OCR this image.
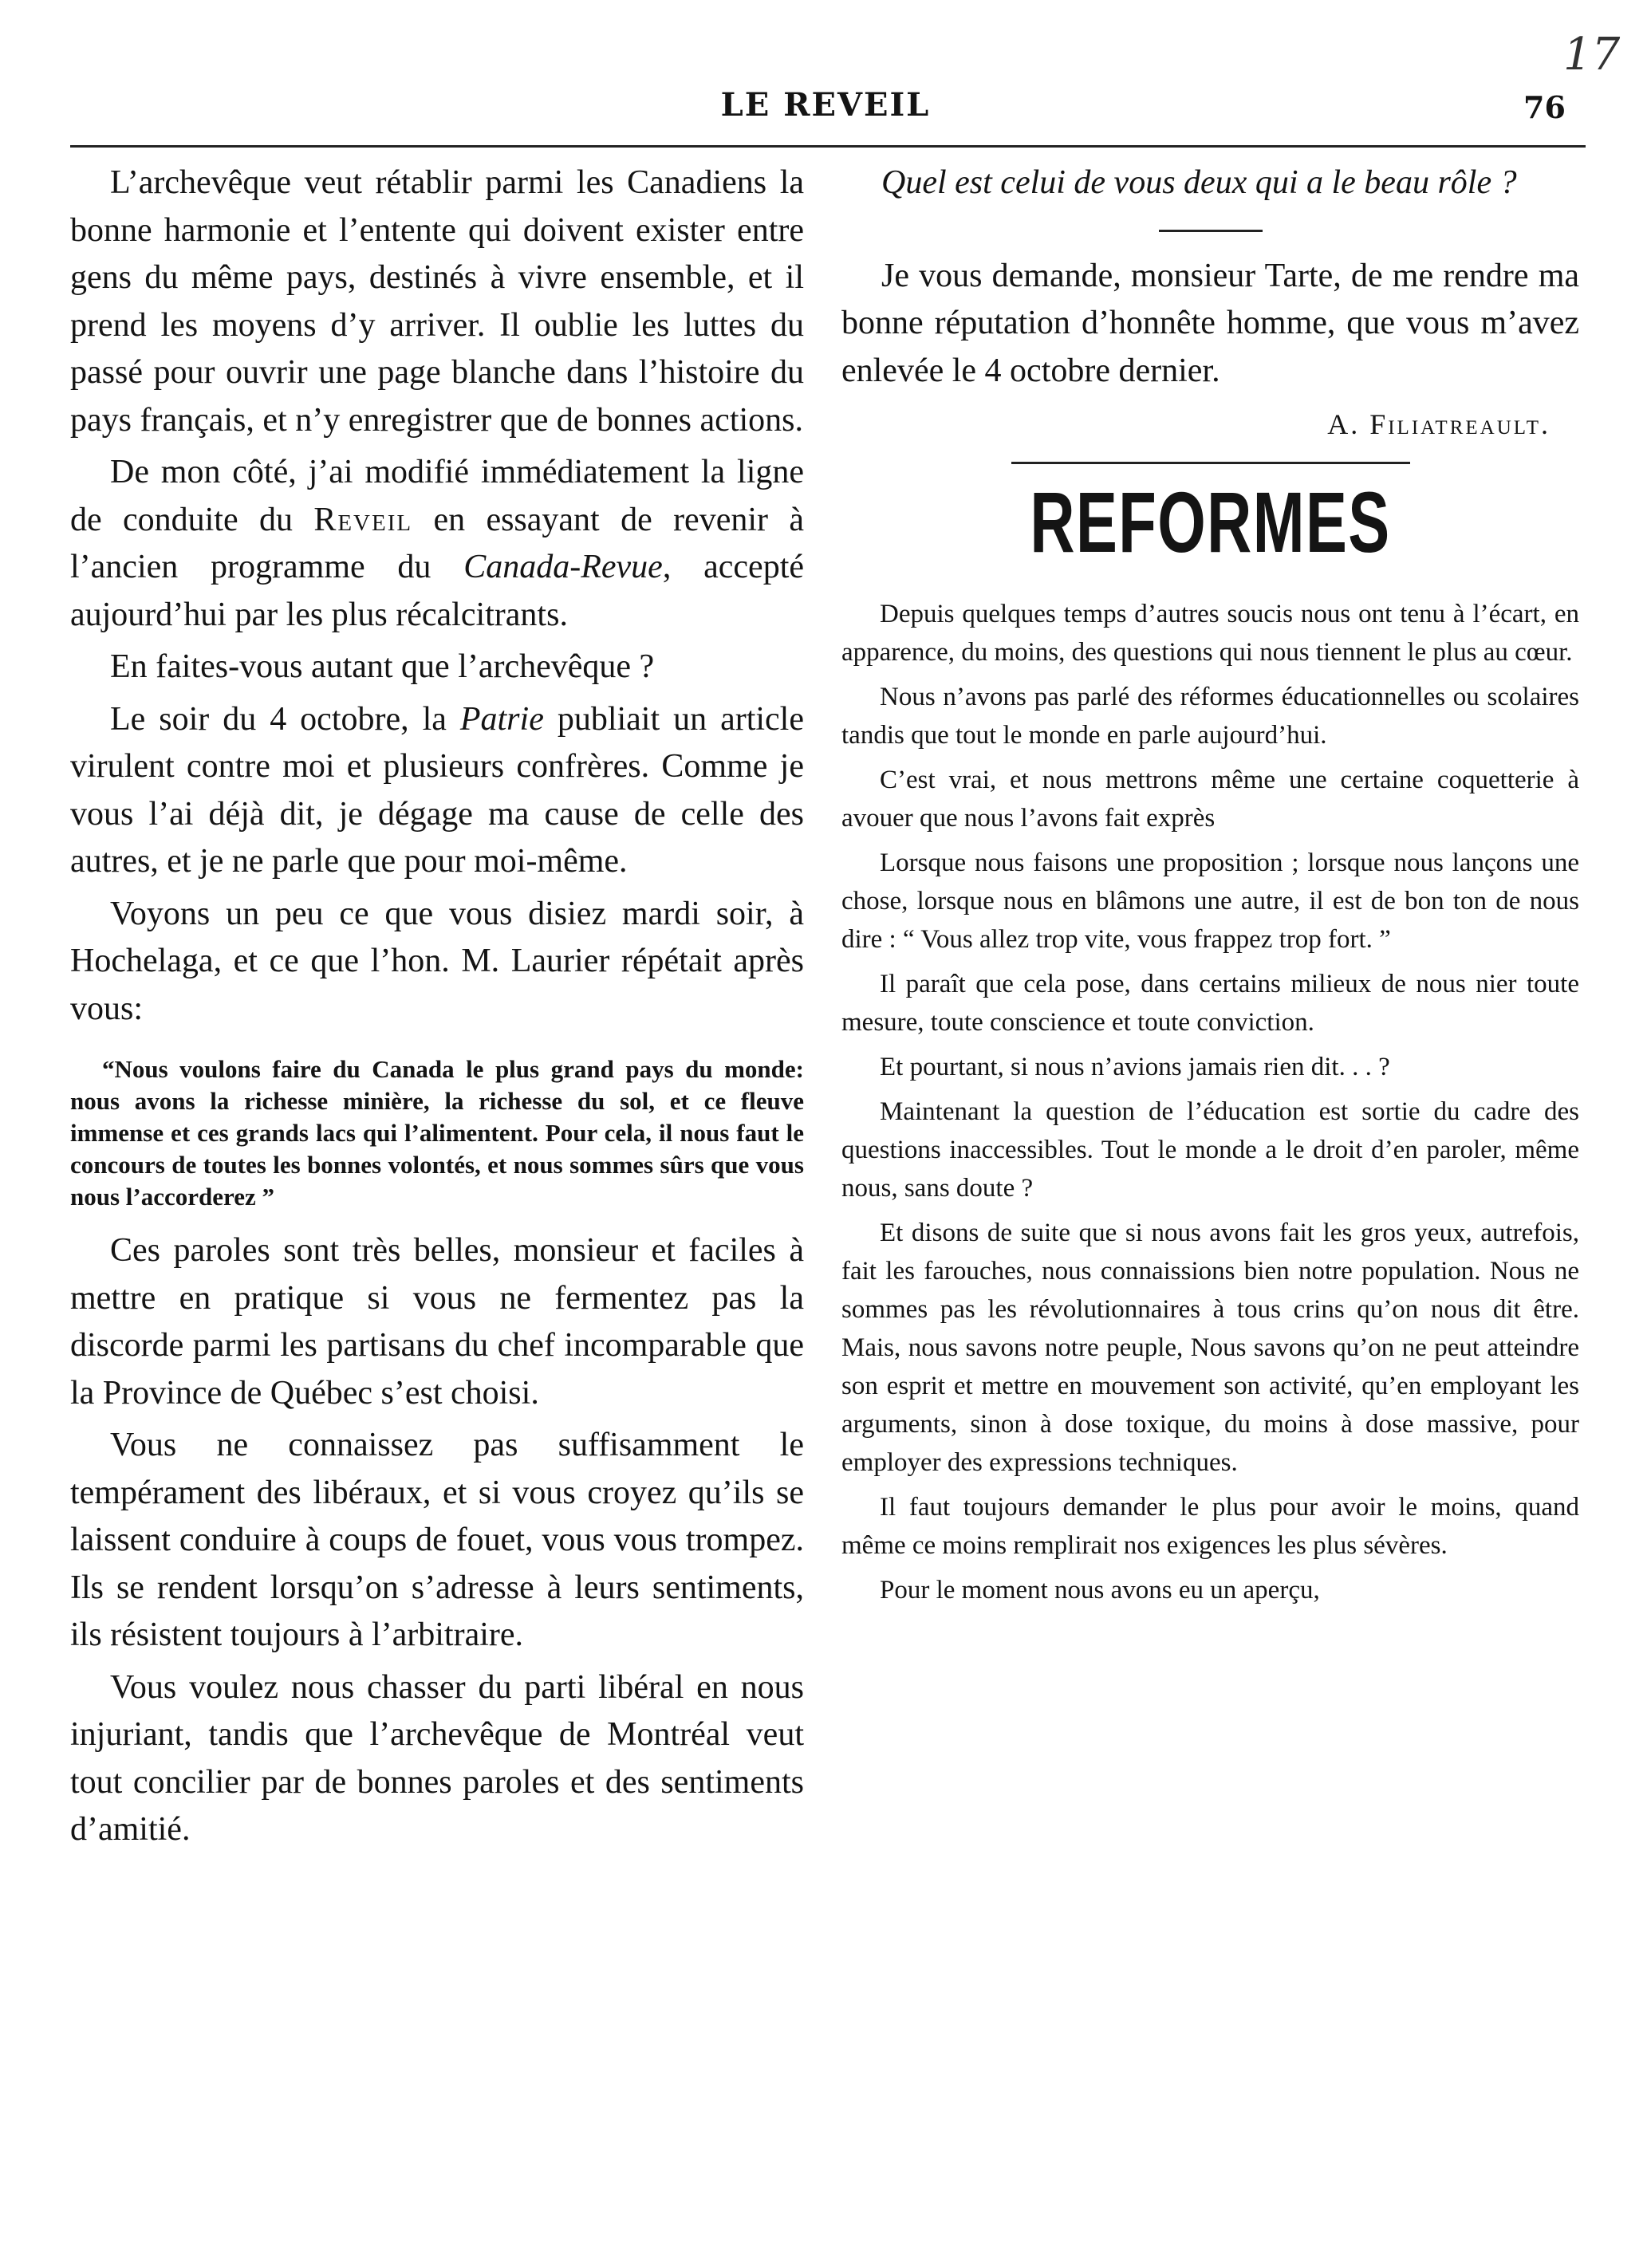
LE REVEIL	76
17

L’archevêque veut rétablir parmi les Canadiens la bonne harmonie et l’entente qui doivent exister entre gens du même pays, destinés à vivre ensemble, et il prend les moyens d’y arriver. Il oublie les luttes du passé pour ouvrir une page blanche dans l’histoire du pays français, et n’y enregistrer que de bonnes actions.

De mon côté, j’ai modifié immédiatement la ligne de conduite du Reveil en essayant de revenir à l’ancien programme du Canada-Revue, accepté aujourd’hui par les plus récalcitrants.

En faites-vous autant que l’archevêque ?

Le soir du 4 octobre, la Patrie publiait un article virulent contre moi et plusieurs confrères. Comme je vous l’ai déjà dit, je dégage ma cause de celle des autres, et je ne parle que pour moi-même.

Voyons un peu ce que vous disiez mardi soir, à Hochelaga, et ce que l’hon. M. Laurier répétait après vous:

“Nous voulons faire du Canada le plus grand pays du monde: nous avons la richesse minière, la richesse du sol, et ce fleuve immense et ces grands lacs qui l’alimentent. Pour cela, il nous faut le concours de toutes les bonnes volontés, et nous sommes sûrs que vous nous l’accorderez ”

Ces paroles sont très belles, monsieur et faciles à mettre en pratique si vous ne fermentez pas la discorde parmi les partisans du chef incomparable que la Province de Québec s’est choisi.

Vous ne connaissez pas suffisamment le tempérament des libéraux, et si vous croyez qu’ils se laissent conduire à coups de fouet, vous vous trompez. Ils se rendent lorsqu’on s’adresse à leurs sentiments, ils résistent toujours à l’arbitraire.

Vous voulez nous chasser du parti libéral en nous injuriant, tandis que l’archevêque de Montréal veut tout concilier par de bonnes paroles et des sentiments d’amitié.

Quel est celui de vous deux qui a le beau rôle ?

Je vous demande, monsieur Tarte, de me rendre ma bonne réputation d’honnête homme, que vous m’avez enlevée le 4 octobre dernier.

A. Filiatreault.
REFORMES

Depuis quelques temps d’autres soucis nous ont tenu à l’écart, en apparence, du moins, des questions qui nous tiennent le plus au cœur.

Nous n’avons pas parlé des réformes éducationnelles ou scolaires tandis que tout le monde en parle aujourd’hui.

C’est vrai, et nous mettrons même une certaine coquetterie à avouer que nous l’avons fait exprès

Lorsque nous faisons une proposition ; lorsque nous lançons une chose, lorsque nous en blâmons une autre, il est de bon ton de nous dire : “ Vous allez trop vite, vous frappez trop fort. ”

Il paraît que cela pose, dans certains milieux de nous nier toute mesure, toute conscience et toute conviction.

Et pourtant, si nous n’avions jamais rien dit. . . ?

Maintenant la question de l’éducation est sortie du cadre des questions inaccessibles. Tout le monde a le droit d’en paroler, même nous, sans doute ?

Et disons de suite que si nous avons fait les gros yeux, autrefois, fait les farouches, nous connaissions bien notre population. Nous ne sommes pas les révolutionnaires à tous crins qu’on nous dit être. Mais, nous savons notre peuple, Nous savons qu’on ne peut atteindre son esprit et mettre en mouvement son activité, qu’en employant les arguments, sinon à dose toxique, du moins à dose massive, pour employer des expressions techniques.

Il faut toujours demander le plus pour avoir le moins, quand même ce moins remplirait nos exigences les plus sévères.

Pour le moment nous avons eu un aperçu,
